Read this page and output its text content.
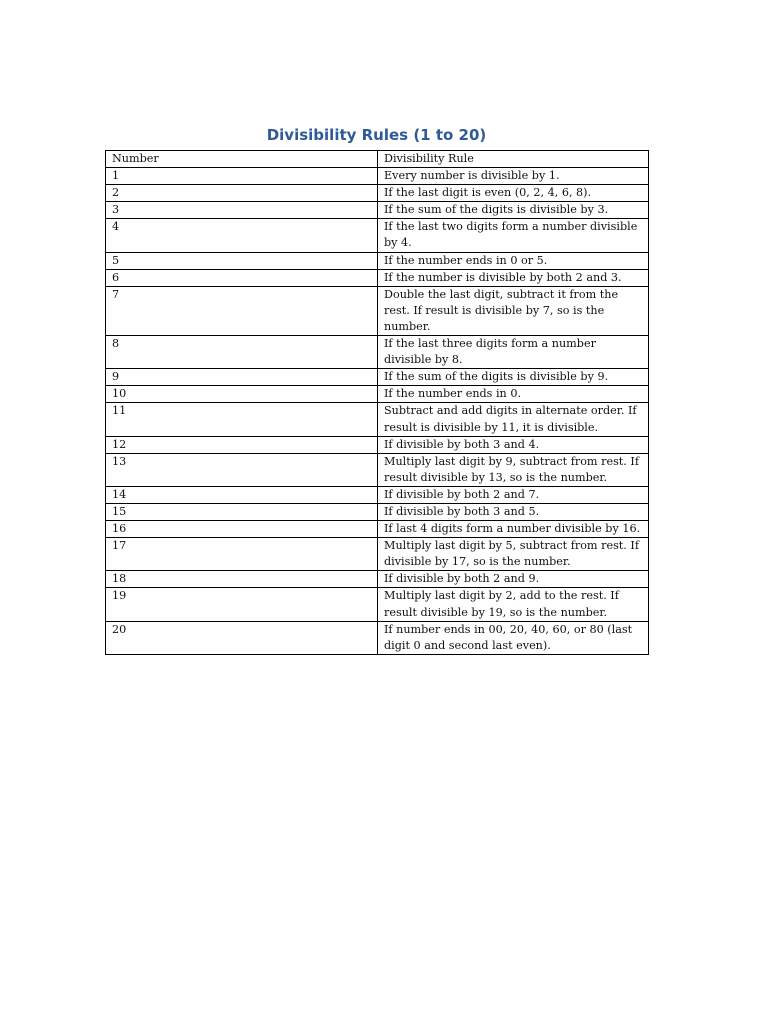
Divisibility Rules (1 to 20)
Number	Divisibility Rule
1	Every number is divisible by 1.
2	If the last digit is even (0, 2, 4, 6, 8).
3	If the sum of the digits is divisible by 3.
4	If the last two digits form a number divisible by 4.
5	If the number ends in 0 or 5.
6	If the number is divisible by both 2 and 3.
7	Double the last digit, subtract it from the rest. If result is divisible by 7, so is the number.
8	If the last three digits form a number divisible by 8.
9	If the sum of the digits is divisible by 9.
10	If the number ends in 0.
11	Subtract and add digits in alternate order. If result is divisible by 11, it is divisible.
12	If divisible by both 3 and 4.
13	Multiply last digit by 9, subtract from rest. If result divisible by 13, so is the number.
14	If divisible by both 2 and 7.
15	If divisible by both 3 and 5.
16	If last 4 digits form a number divisible by 16.
17	Multiply last digit by 5, subtract from rest. If divisible by 17, so is the number.
18	If divisible by both 2 and 9.
19	Multiply last digit by 2, add to the rest. If result divisible by 19, so is the number.
20	If number ends in 00, 20, 40, 60, or 80 (last digit 0 and second last even).
